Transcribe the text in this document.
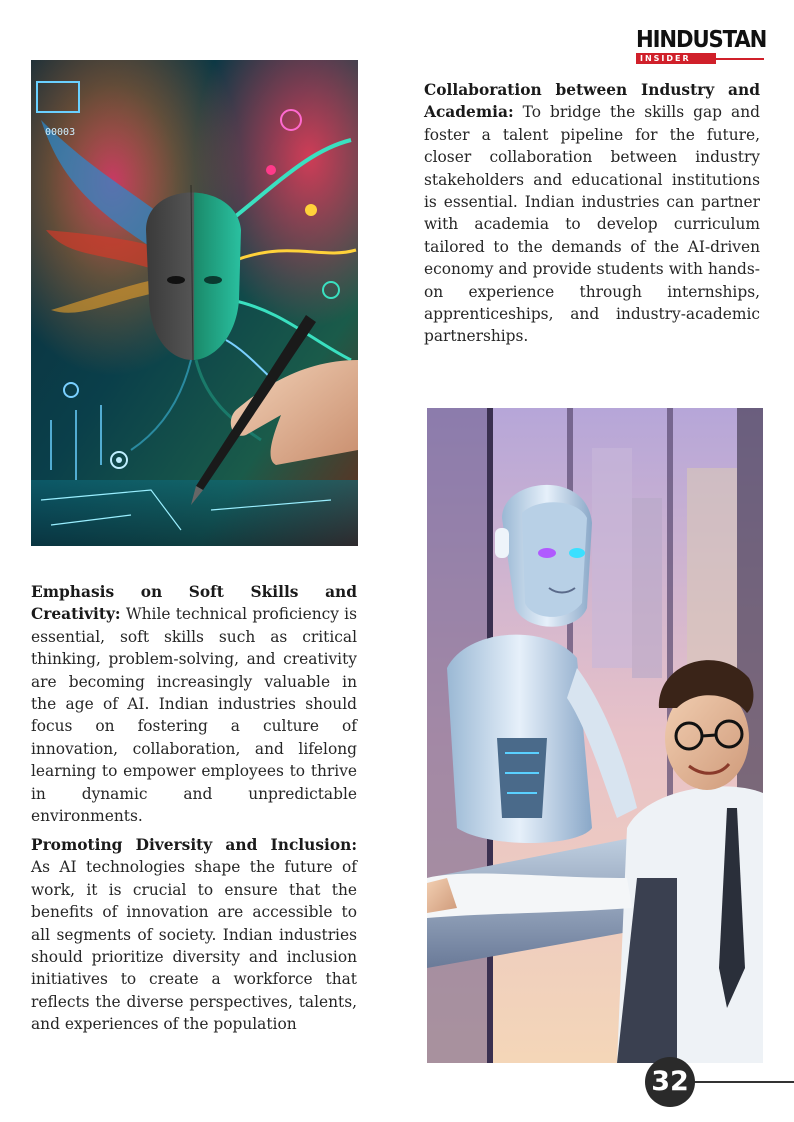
HINDUSTAN
INSIDER
00003
Collaboration between Industry and Academia: To bridge the skills gap and foster a talent pipeline for the future, closer collaboration between industry stakeholders and educational institutions is essential. Indian industries can partner with academia to develop curriculum tailored to the demands of the AI-driven economy and provide students with hands-on experience through internships, apprenticeships, and industry-academic partnerships.
Emphasis on Soft Skills and Creativity: While technical proficiency is essential, soft skills such as critical thinking, problem-solving, and creativity are becoming increasingly valuable in the age of AI. Indian industries should focus on fostering a culture of innovation, collaboration, and lifelong learning to empower employees to thrive in dynamic and unpredictable environments.
Promoting Diversity and Inclusion: As AI technologies shape the future of work, it is crucial to ensure that the benefits of innovation are accessible to all segments of society. Indian industries should prioritize diversity and inclusion initiatives to create a workforce that reflects the diverse perspectives, talents, and experiences of the population
32
